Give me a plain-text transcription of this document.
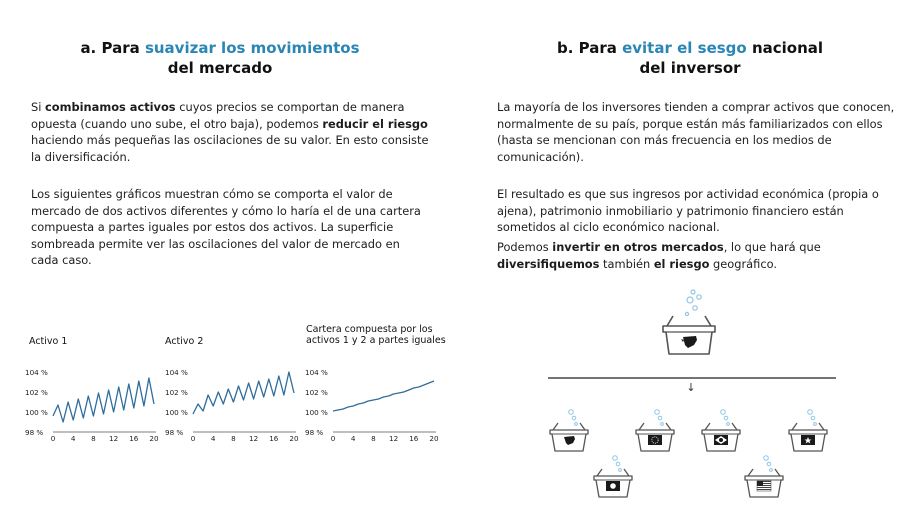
a. Para suavizar los movimientos
del mercado
b. Para evitar el sesgo nacional
del inversor
Si combinamos activos cuyos precios se comportan de manera opuesta (cuando uno sube, el otro baja), podemos reducir el riesgo haciendo más pequeñas las oscilaciones de su valor. En esto consiste la diversificación.
Los siguientes gráficos muestran cómo se comporta el valor de mercado de dos activos diferentes y cómo lo haría el de una cartera compuesta a partes iguales por estos dos activos. La superficie sombreada permite ver las oscilaciones del valor de mercado en cada caso.
La mayoría de los inversores tienden a comprar activos que conocen, normalmente de su país, porque están más familiarizados con ellos (hasta se mencionan con más frecuencia en los medios de comunicación).
El resultado es que sus ingresos por actividad económica (propia o ajena), patrimonio inmobiliario y patrimonio financiero están sometidos al ciclo económico nacional.
Podemos invertir en otros mercados, lo que hará que diversifiquemos también el riesgo geográfico.
Activo 1	Activo 2
Cartera compuesta por los activos 1 y 2 a partes iguales
98 %
100 %
102 %
104 %
0 4 8 12 16 20
98 %
100 %
102 %
104 %
0 4 8 12 16 20
98 %
100 %
102 %
104 %
0 4 8 12 16 20
↓
